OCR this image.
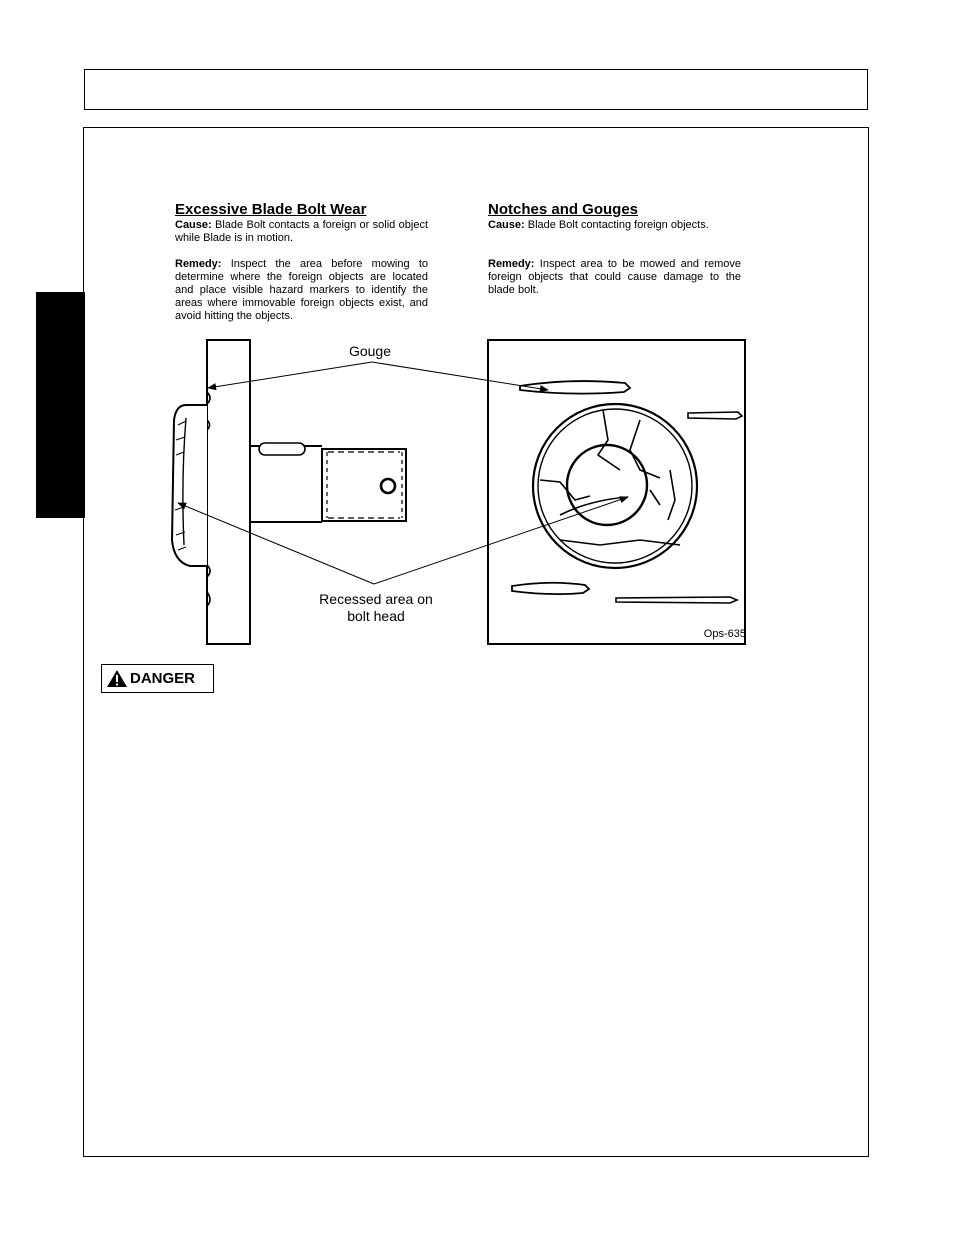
Excessive Blade Bolt Wear

Cause: Blade Bolt contacts a foreign or solid object while Blade is in motion.

Remedy: Inspect the area before mowing to determine where the foreign objects are located and place visible hazard markers to identify the areas where immovable foreign objects exist, and avoid hitting the objects.

Notches and Gouges

Cause: Blade Bolt contacting foreign objects.

Remedy: Inspect area to be mowed and remove foreign objects that could cause damage to the blade bolt.

Gouge
Recessed area on
bolt head
Ops-635
DANGER
